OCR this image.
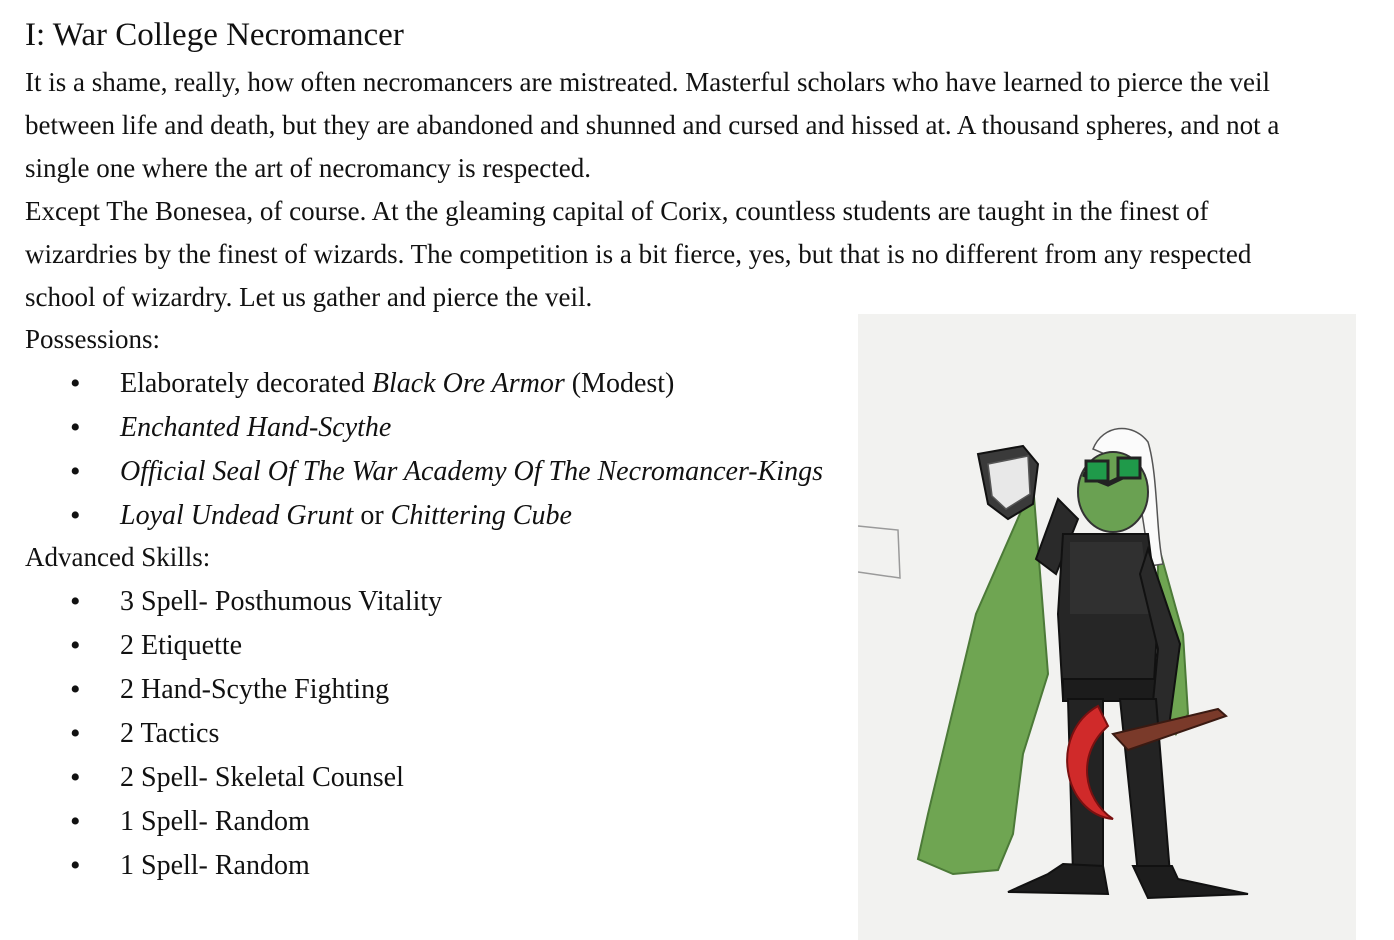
I: War College Necromancer

It is a shame, really, how often necromancers are mistreated. Masterful scholars who have learned to pierce the veil between life and death, but they are abandoned and shunned and cursed and hissed at. A thousand spheres, and not a single one where the art of necromancy is respected.

Except The Bonesea, of course. At the gleaming capital of Corix, countless students are taught in the finest of wizardries by the finest of wizards. The competition is a bit fierce, yes, but that is no different from any respected school of wizardry. Let us gather and pierce the veil.

Possessions:
• Elaborately decorated Black Ore Armor (Modest)
• Enchanted Hand-Scythe
• Official Seal Of The War Academy Of The Necromancer-Kings
• Loyal Undead Grunt or Chittering Cube
Advanced Skills:
• 3 Spell- Posthumous Vitality
• 2 Etiquette
• 2 Hand-Scythe Fighting
• 2 Tactics
• 2 Spell- Skeletal Counsel
• 1 Spell- Random
• 1 Spell- Random
